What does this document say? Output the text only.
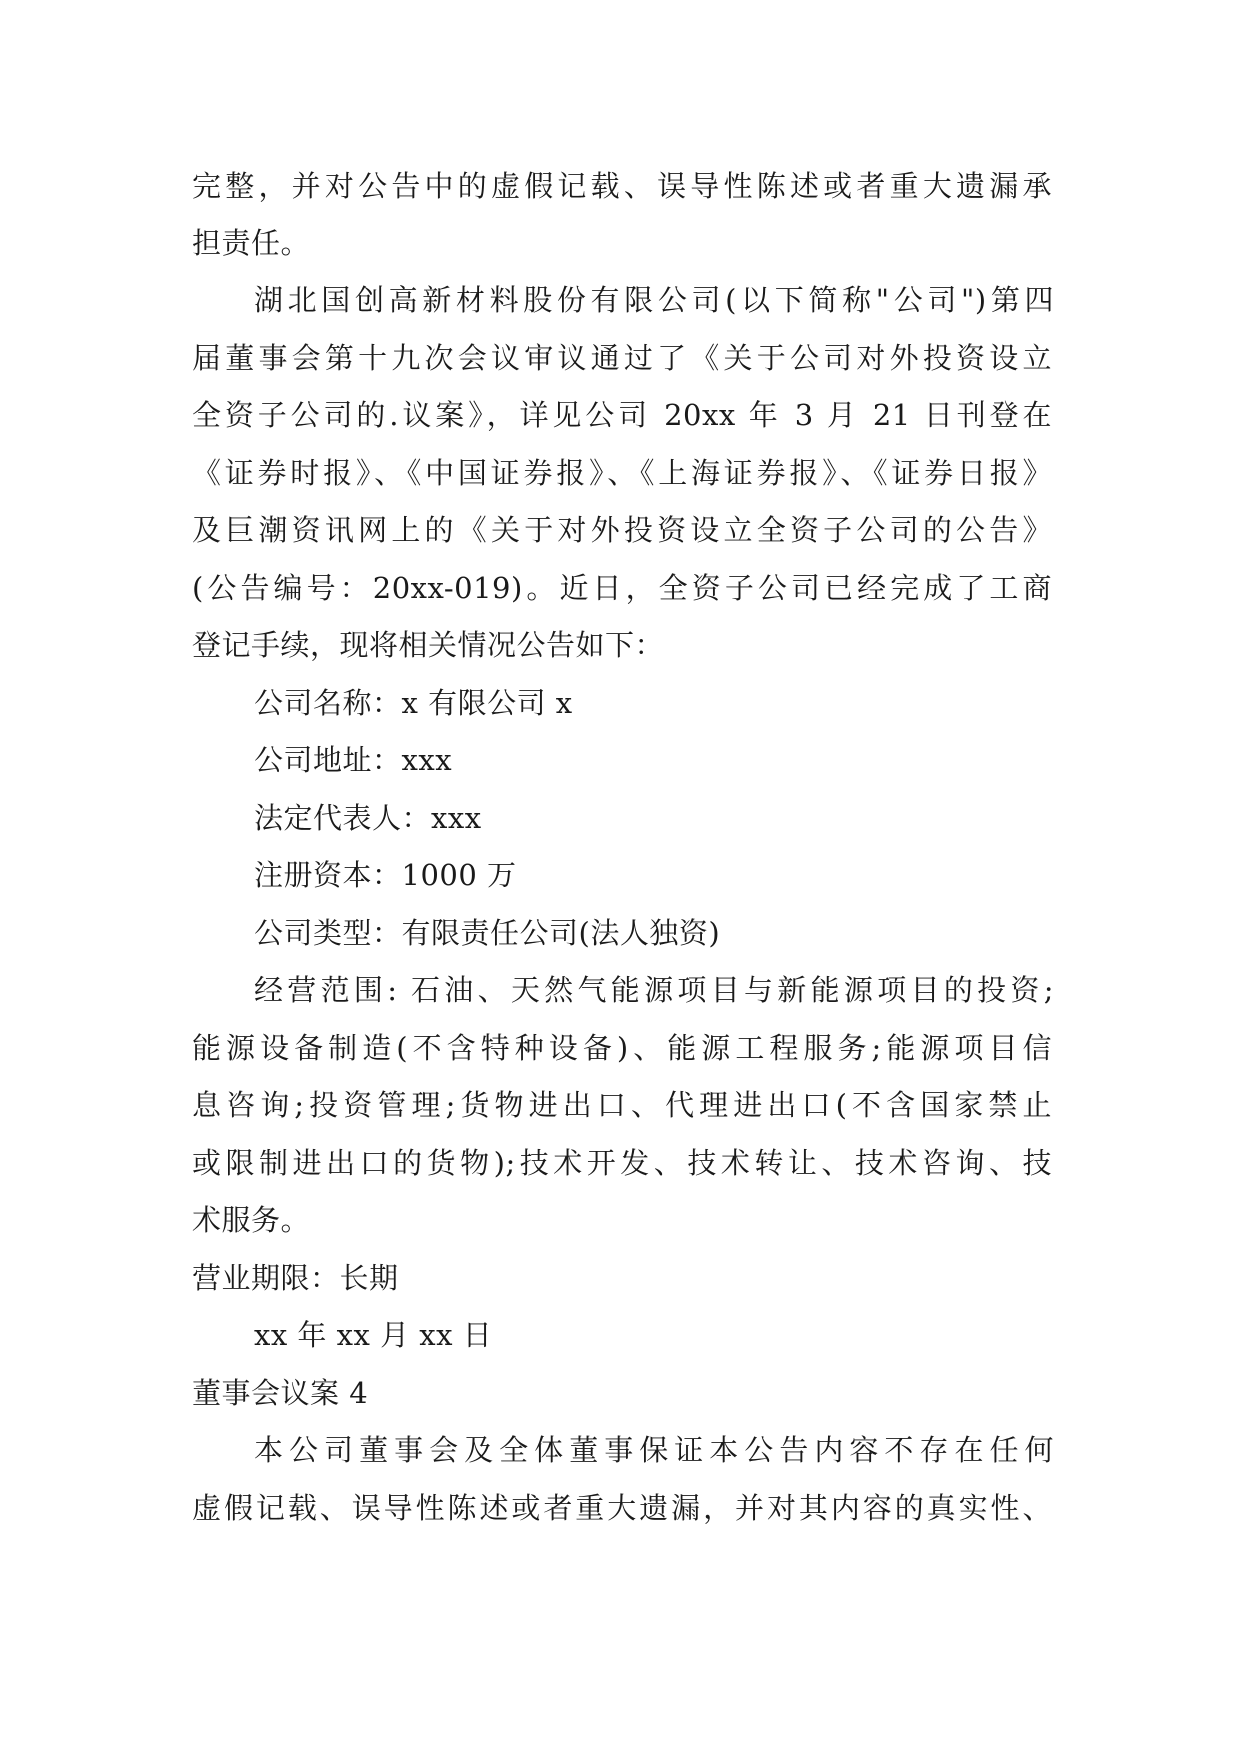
完整，并对公告中的虚假记载、误导性陈述或者重大遗漏承

担责任。

湖北国创高新材料股份有限公司(以下简称"公司")第四

届董事会第十九次会议审议通过了《关于公司对外投资设立

全资子公司的.议案》，详见公司 20xx 年 3 月 21 日刊登在

《证券时报》、《中国证券报》、《上海证券报》、《证券日报》

及巨潮资讯网上的《关于对外投资设立全资子公司的公告》

(公告编号：20xx-019)。近日，全资子公司已经完成了工商

登记手续，现将相关情况公告如下：

公司名称：x 有限公司 x

公司地址：xxx

法定代表人：xxx

注册资本：1000 万

公司类型：有限责任公司(法人独资)

经营范围: 石油、天然气能源项目与新能源项目的投资;

能源设备制造(不含特种设备)、能源工程服务;能源项目信

息咨询;投资管理;货物进出口、代理进出口(不含国家禁止

或限制进出口的货物);技术开发、技术转让、技术咨询、技

术服务。

营业期限：长期

xx 年 xx 月 xx 日

董事会议案 4

本公司董事会及全体董事保证本公告内容不存在任何

虚假记载、误导性陈述或者重大遗漏，并对其内容的真实性、
